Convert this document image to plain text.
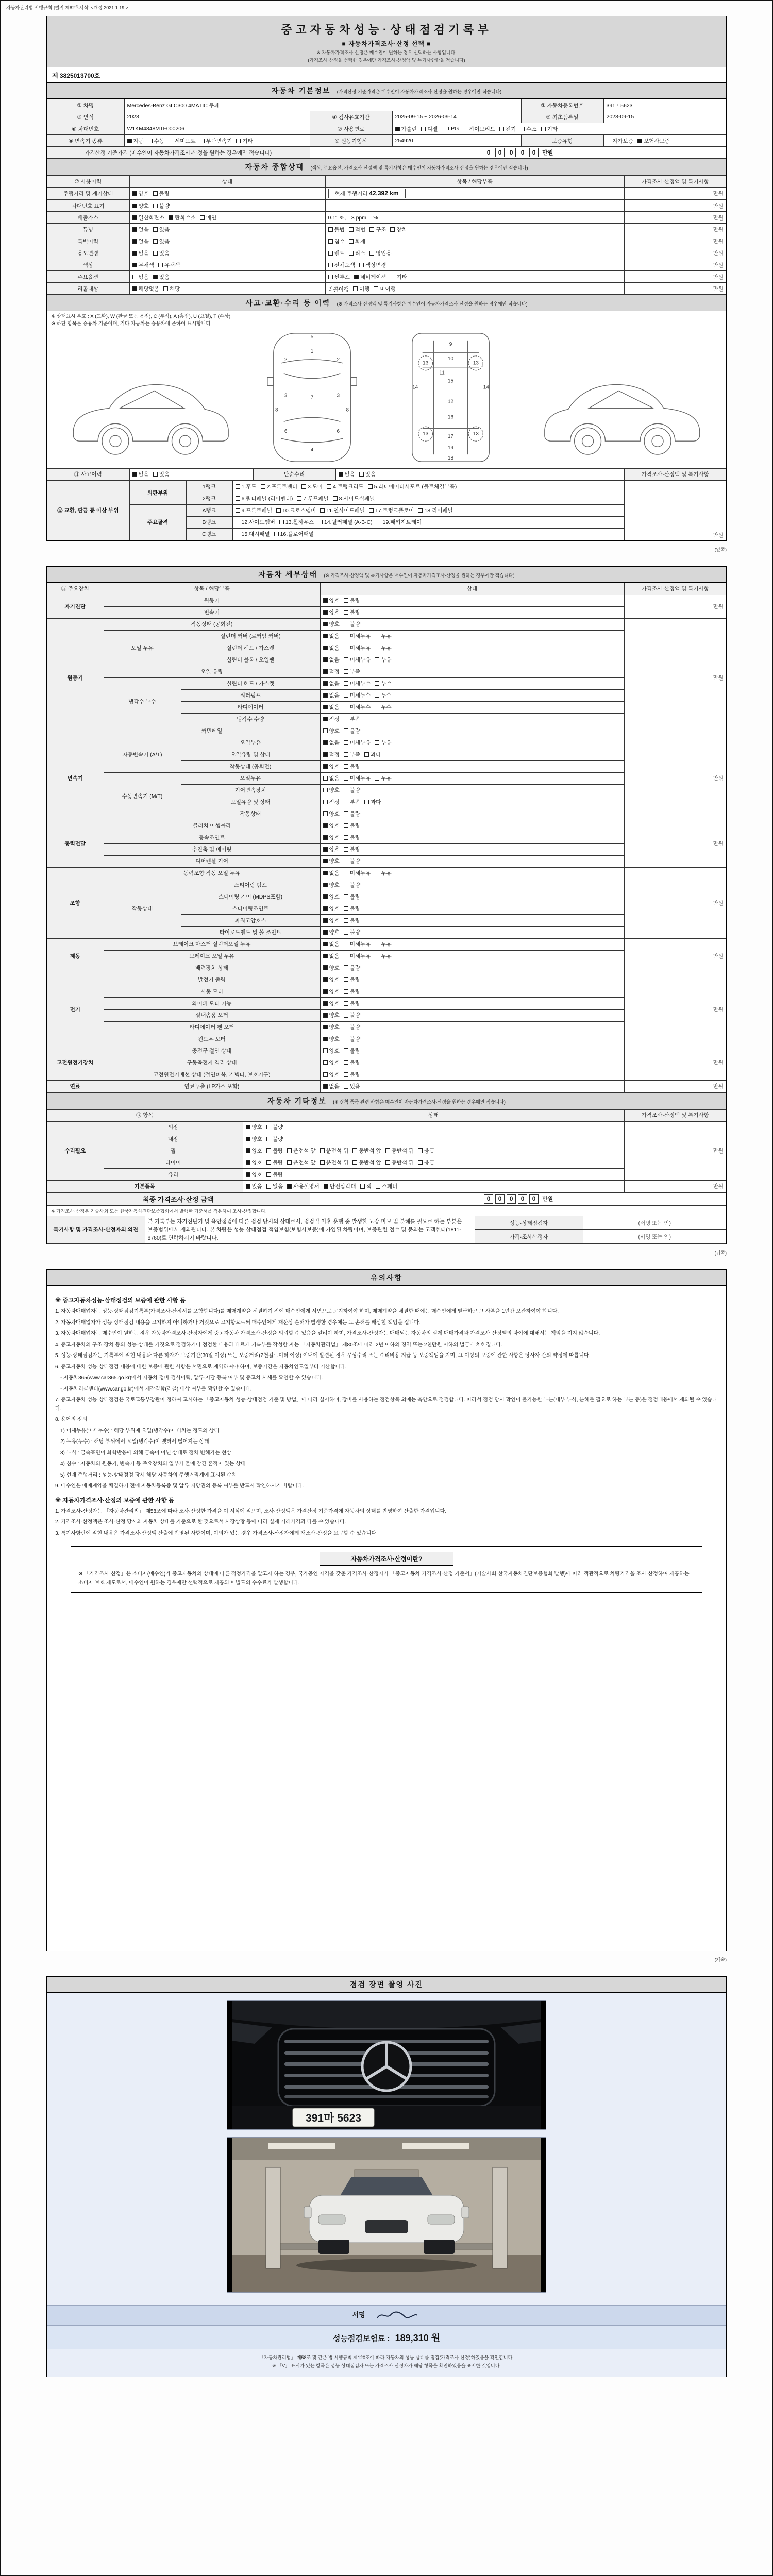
자동차관리법 시행규칙 [별지 제82호서식] <개정 2021.1.19.>
중고자동차성능·상태점검기록부
■ 자동차가격조사·산정 선택 ■
※ 자동차가격조사·산정은 매수인이 원하는 경우 선택하는 사항입니다.
(가격조사·산정을 선택한 경우에만 가격조사·산정액 및 특기사항란을 적습니다)
제 3825013700호
자동차 기본정보 (가격산정 기준가격은 매수인이 자동차가격조사·산정을 원하는 경우에만 적습니다)
① 차명	Mercedes-Benz GLC300 4MATIC 쿠페			② 자동차등록번호	391마5623
③ 연식	2023	④ 검사유효기간	2025-09-15 ~ 2026-09-14	⑤ 최초등록일	2023-09-15
⑥ 차대번호	W1KM4848MTF000206	⑦ 사용연료	가솔린 디젤 LPG 하이브리드 전기 수소 기타

⑧ 변속기 종류	자동 수동 세미오토 무단변속기 기타	⑨ 원동기형식	254920	보증유형	자가보증 보험사보증

가격산정 기준가격 (매수인이 자동차가격조사·산정을 원하는 경우에만 적습니다)		0 0 0 0 0 만원			
자동차 종합상태 (색상, 주요옵션, 가격조사·산정액 및 특기사항은 매수인이 자동차가격조사·산정을 원하는 경우에만 적습니다)
⑩ 사용이력	상태	항목 / 해당부품	가격조사·산정액 및 특기사항
주행거리 및 계기상태	양호 불량	현재 주행거리 42,392 km	만원
차대번호 표기	양호 불량		만원
배출가스	일산화탄소 탄화수소 매연	0.11 %,　3 ppm,　%	만원
튜닝	없음 있음	불법 적법 구조 장치	만원
특별이력	없음 있음	침수 화재	만원
용도변경	없음 있음	렌트 리스 영업용	만원
색상	무채색 유채색	전체도색 색상변경	만원
주요옵션	없음 있음	썬루프 네비게이션 기타	만원
리콜대상	해당없음 해당	리콜이행 이행 미이행	만원
사고·교환·수리 등 이력 (※ 가격조사·산정액 및 특기사항은 매수인이 자동차가격조사·산정을 원하는 경우에만 적습니다)
※ 상태표시 부호 : X (교환), W (판금 또는 용접), C (부식), A (흠집), U (요철), T (손상)
※ 하단 항목은 승용차 기준이며, 기타 자동차는 승용차에 준하여 표시합니다.
5
1
2	2
3	3
7
8	8
6	6
4
9
10
11
13	13
14	14
15
12
16
13	13
17
19
18
⑪ 사고이력	없음 있음	단순수리	없음 있음	가격조사·산정액 및 특기사항
⑫ 교환, 판금 등 이상 부위	외판부위	1랭크	1.후드 2.프론트펜더 3.도어 4.트렁크리드 5.라디에이터서포트 (볼트체결부품)	만원
		2랭크	6.쿼터패널 (리어펜더) 7.루프패널 8.사이드실패널	

	주요골격	A랭크	9.프론트패널 10.크로스멤버 11.인사이드패널 17.트렁크플로어 18.리어패널	

		B랭크	12.사이드멤버 13.휠하우스 14.필러패널 (A·B·C) 19.패키지트레이	

		C랭크	15.대시패널 16.플로어패널	
(앞쪽)
자동차 세부상태 (※ 가격조사·산정액 및 특기사항은 매수인이 자동차가격조사·산정을 원하는 경우에만 적습니다)
⑬ 주요장치	항목 / 해당부품		상태	가격조사·산정액 및 특기사항
자기진단	원동기		양호 불량	만원
	변속기		양호 불량	

원동기	작동상태 (공회전)		양호 불량	만원
	오일 누유	실린더 커버 (로커암 커버)	없음 미세누유 누유	

		실린더 헤드 / 가스켓	없음 미세누유 누유	

		실린더 블록 / 오일팬	없음 미세누유 누유	

	오일 유량		적정 부족	

	냉각수 누수	실린더 헤드 / 가스켓	없음 미세누수 누수	

		워터펌프	없음 미세누수 누수	

		라디에이터	없음 미세누수 누수	

		냉각수 수량	적정 부족	

	커먼레일		양호 불량	

변속기	자동변속기 (A/T)	오일누유	없음 미세누유 누유	만원
		오일유량 및 상태	적정 부족 과다	

		작동상태 (공회전)	양호 불량	

	수동변속기 (M/T)	오일누유	없음 미세누유 누유	

		기어변속장치	양호 불량	

		오일유량 및 상태	적정 부족 과다	

		작동상태	양호 불량	

동력전달	클러치 어셈블리		양호 불량	만원
	등속조인트		양호 불량	

	추진축 및 베어링		양호 불량	

	디퍼렌셜 기어		양호 불량	

조향	동력조향 작동 오일 누유		없음 미세누유 누유	만원
	작동상태	스티어링 펌프	양호 불량	

		스티어링 기어 (MDPS포함)	양호 불량	

		스티어링조인트	양호 불량	

		파워고압호스	양호 불량	

		타이로드엔드 및 볼 조인트	양호 불량	

제동	브레이크 마스터 실린더오일 누유		없음 미세누유 누유	만원
	브레이크 오일 누유		없음 미세누유 누유	

	배력장치 상태		양호 불량	

전기	발전기 출력		양호 불량	만원
	시동 모터		양호 불량	

	와이퍼 모터 기능		양호 불량	

	실내송풍 모터		양호 불량	

	라디에이터 팬 모터		양호 불량	

	윈도우 모터		양호 불량	

고전원전기장치	충전구 절연 상태		양호 불량	만원
	구동축전지 격리 상태		양호 불량	

	고전원전기배선 상태 (절연피복, 커넥터, 보호기구)		양호 불량	

연료	연료누출 (LP가스 포함)		없음 있음	만원
자동차 기타정보 (※ 장착 품목 관련 사항은 매수인이 자동차가격조사·산정을 원하는 경우에만 적습니다)
⑭ 항목		상태	가격조사·산정액 및 특기사항
수리필요	외장	양호 불량	만원
	내장	양호 불량	

휠	양호 불량 운전석 앞 운전석 뒤 동반석 앞 동반석 뒤 응급

타이어	양호 불량 운전석 앞 운전석 뒤 동반석 앞 동반석 뒤 응급

	유리	양호 불량	

기본품목	있음 없음 사용설명서 안전삼각대 잭 스패너	만원
최종 가격조사·산정 금액	0 0 0 0 0 만원
※ 가격조사·산정은 기술사회 또는 한국자동차진단보증협회에서 발행한 기준서를 적용하여 조사·산정합니다.
특기사항 및 가격조사·산정자의 의견	본 기록부는 자기진단기 및 육안점검에 따른 점검 당시의 상태로서, 점검일 이후 운행 중 발생한 고장·마모 및 분해를 필요로 하는 부분은 보증범위에서 제외됩니다. 본 차량은 성능·상태점검 책임보험(보험사보증)에 가입된 차량이며, 보증관련 접수 및 문의는 고객센터(1811-8760)로 연락하시기 바랍니다.	성능·상태점검자	(서명 또는 인)
		가격·조사산정자	(서명 또는 인)
(뒤쪽)
유의사항

※ 중고자동차성능·상태점검의 보증에 관한 사항 등

1. 자동차매매업자는 성능·상태점검기록부(가격조사·산정서를 포함합니다)를 매매계약을 체결하기 전에 매수인에게 서면으로 고지하여야 하며, 매매계약을 체결한 때에는 매수인에게 발급하고 그 사본을 1년간 보관하여야 합니다.

2. 자동차매매업자가 성능·상태점검 내용을 고지하지 아니하거나 거짓으로 고지함으로써 매수인에게 재산상 손해가 발생한 경우에는 그 손해를 배상할 책임을 집니다.

3. 자동차매매업자는 매수인이 원하는 경우 자동차가격조사·산정자에게 중고자동차 가격조사·산정을 의뢰할 수 있음을 알려야 하며, 가격조사·산정자는 매매되는 자동차의 실제 매매가격과 가격조사·산정액의 차이에 대해서는 책임을 지지 않습니다.

4. 중고자동차의 구조·장치 등의 성능·상태를 거짓으로 점검하거나 점검한 내용과 다르게 기록부를 작성한 자는 「자동차관리법」 제80조에 따라 2년 이하의 징역 또는 2천만원 이하의 벌금에 처해집니다.

5. 성능·상태점검자는 기록부에 적힌 내용과 다른 하자가 보증기간(30일 이상) 또는 보증거리(2천킬로미터 이상) 이내에 발견된 경우 무상수리 또는 수리비용 지급 등 보증책임을 지며, 그 이상의 보증에 관한 사항은 당사자 간의 약정에 따릅니다.

6. 중고자동차 성능·상태점검 내용에 대한 보증에 관한 사항은 서면으로 계약하여야 하며, 보증기간은 자동차인도일부터 기산합니다.

　- 자동차365(www.car365.go.kr)에서 자동차 정비·검사이력, 압류·저당 등록 여부 및 중고차 시세를 확인할 수 있습니다.

　- 자동차리콜센터(www.car.go.kr)에서 제작결함(리콜) 대상 여부를 확인할 수 있습니다.

7. 중고자동차 성능·상태점검은 국토교통부장관이 정하여 고시하는 「중고자동차 성능·상태점검 기준 및 방법」에 따라 실시하며, 장비를 사용하는 점검항목 외에는 육안으로 점검합니다. 따라서 점검 당시 확인이 불가능한 부분(내부 부식, 분해를 필요로 하는 부분 등)은 점검내용에서 제외될 수 있습니다.

8. 용어의 정의

　1) 미세누유(미세누수) : 해당 부위에 오일(냉각수)이 비치는 정도의 상태

　2) 누유(누수) : 해당 부위에서 오일(냉각수)이 맺혀서 떨어지는 상태

　3) 부식 : 금속표면이 화학반응에 의해 금속이 아닌 상태로 점차 변해가는 현상

　4) 침수 : 자동차의 원동기, 변속기 등 주요장치의 일부가 물에 잠긴 흔적이 있는 상태

　5) 현재 주행거리 : 성능·상태점검 당시 해당 자동차의 주행거리계에 표시된 수치

9. 매수인은 매매계약을 체결하기 전에 자동차등록증 및 압류·저당권의 등록 여부를 반드시 확인하시기 바랍니다.

※ 자동차가격조사·산정의 보증에 관한 사항 등

1. 가격조사·산정자는 「자동차관리법」 제58조에 따라 조사·산정한 가격을 이 서식에 적으며, 조사·산정액은 가격산정 기준가격에 자동차의 상태를 반영하여 산출한 가격입니다.

2. 가격조사·산정액은 조사·산정 당시의 자동차 상태를 기준으로 한 것으로서 시장상황 등에 따라 실제 거래가격과 다를 수 있습니다.

3. 특기사항란에 적힌 내용은 가격조사·산정액 산출에 반영된 사항이며, 이의가 있는 경우 가격조사·산정자에게 재조사·산정을 요구할 수 있습니다.

자동차가격조사·산정이란?

※ 「가격조사·산정」은 소비자(매수인)가 중고자동차의 상태에 따른 적정가격을 알고자 하는 경우, 국가공인 자격을 갖춘 가격조사·산정자가 「중고자동차 가격조사·산정 기준서」(기술사회·한국자동차진단보증협회 발행)에 따라 객관적으로 차량가격을 조사·산정하여 제공하는 소비자 보호 제도로서, 매수인이 원하는 경우에만 선택적으로 제공되며 별도의 수수료가 발생합니다.

(계속)
점검 장면 촬영 사진
391마 5623
서명
성능점검보험료 : 189,310 원

「자동차관리법」 제58조 및 같은 법 시행규칙 제120조에 따라 자동차의 성능·상태를 점검(가격조사·산정)하였음을 확인합니다.

※ 「V」 표시가 있는 항목은 성능·상태점검자 또는 가격조사·산정자가 해당 항목을 확인하였음을 표시한 것입니다.
